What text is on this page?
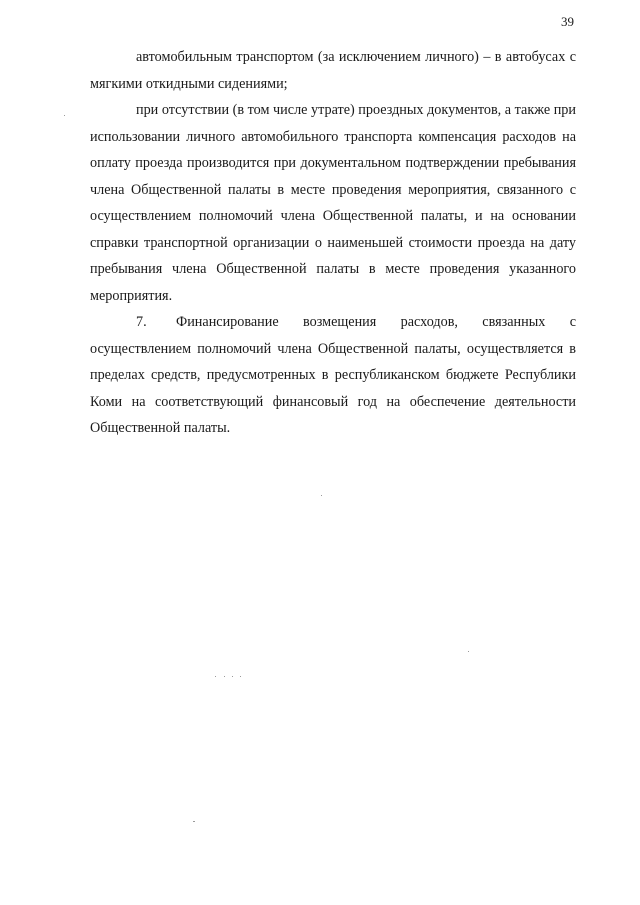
39

автомобильным транспортом (за исключением личного) – в автобусах с мягкими откидными сидениями;

при отсутствии (в том числе утрате) проездных документов, а также при использовании личного автомобильного транспорта компенсация расходов на оплату проезда производится при документальном подтверждении пребывания члена Общественной палаты в месте проведения мероприятия, связанного с осуществлением полномочий члена Общественной палаты, и на основании справки транспортной организации о наименьшей стоимости проезда на дату пребывания члена Общественной палаты в месте проведения указанного мероприятия.

7. Финансирование возмещения расходов, связанных с осуществлением полномочий члена Общественной палаты, осуществляется в пределах средств, предусмотренных в республиканском бюджете Республики Коми на соответствующий финансовый год на обеспечение деятельности Общественной палаты.
